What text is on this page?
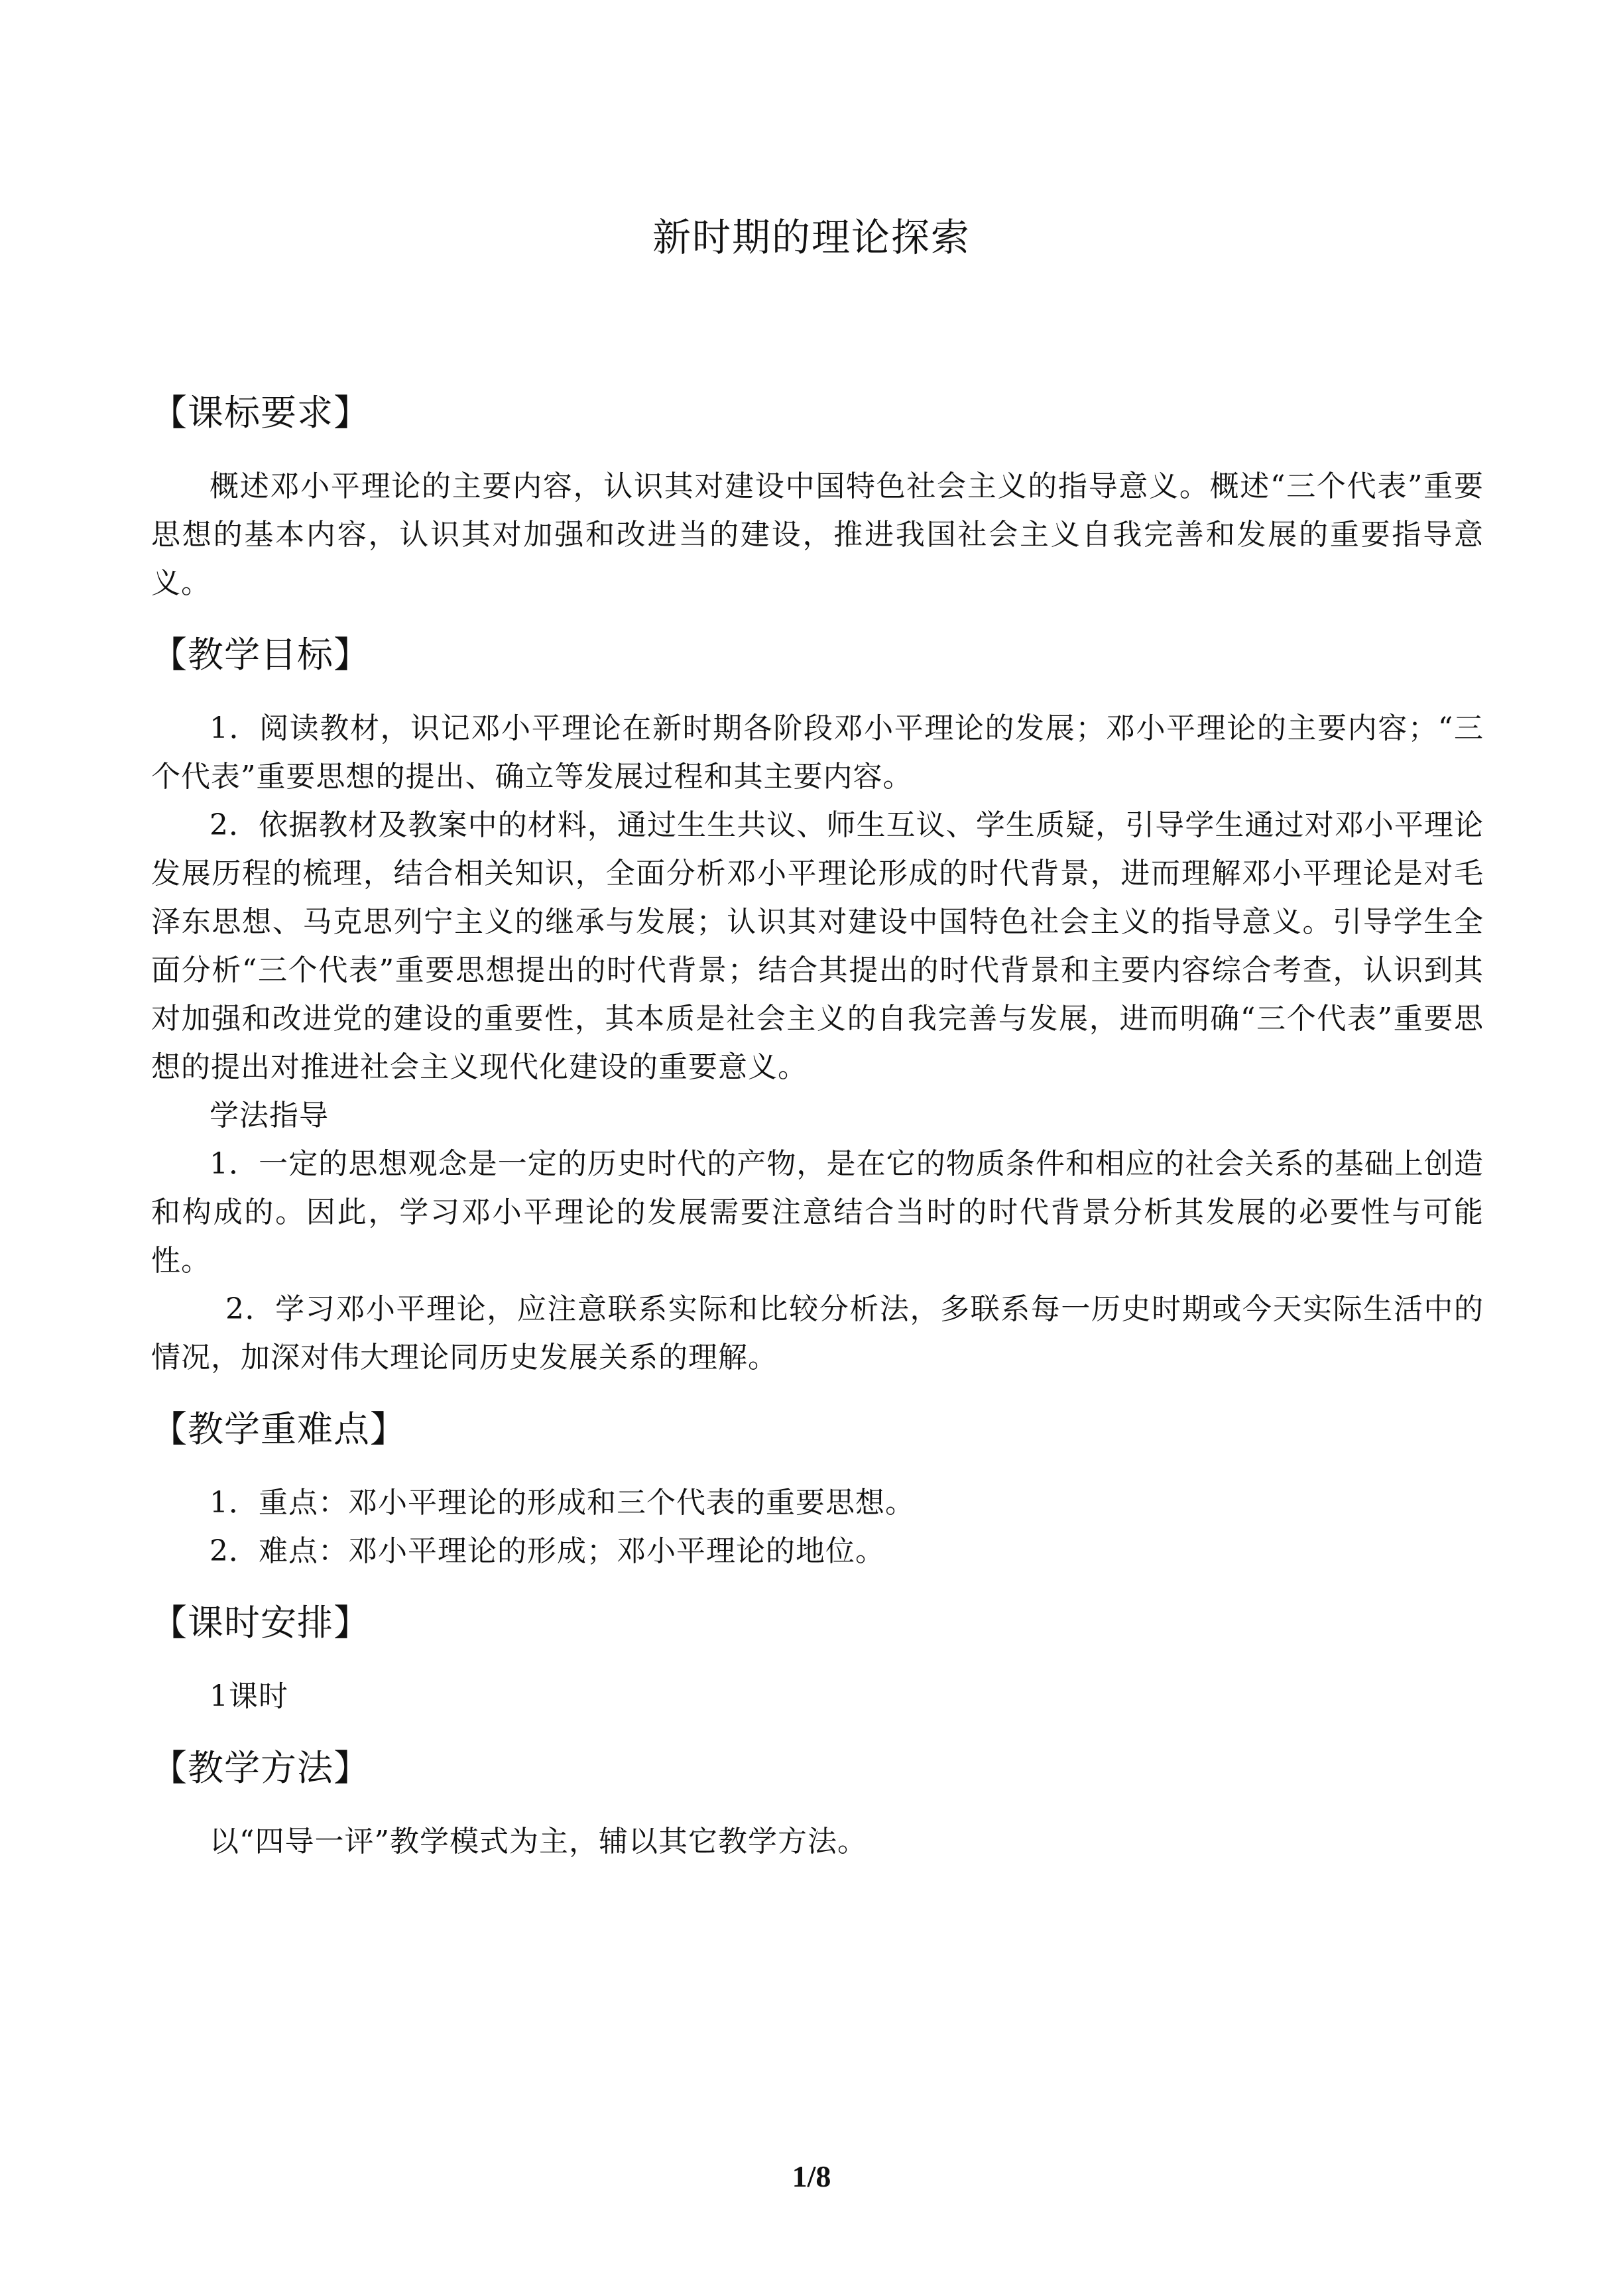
新时期的理论探索
【课标要求】

概述邓小平理论的主要内容，认识其对建设中国特色社会主义的指导意义。概述“三个代表”重要思想的基本内容，认识其对加强和改进当的建设，推进我国社会主义自我完善和发展的重要指导意义。

【教学目标】

1．阅读教材，识记邓小平理论在新时期各阶段邓小平理论的发展；邓小平理论的主要内容；“三个代表”重要思想的提出、确立等发展过程和其主要内容。

2．依据教材及教案中的材料，通过生生共议、师生互议、学生质疑，引导学生通过对邓小平理论发展历程的梳理，结合相关知识，全面分析邓小平理论形成的时代背景，进而理解邓小平理论是对毛泽东思想、马克思列宁主义的继承与发展；认识其对建设中国特色社会主义的指导意义。引导学生全面分析“三个代表”重要思想提出的时代背景；结合其提出的时代背景和主要内容综合考查，认识到其对加强和改进党的建设的重要性，其本质是社会主义的自我完善与发展，进而明确“三个代表”重要思想的提出对推进社会主义现代化建设的重要意义。

学法指导

1．一定的思想观念是一定的历史时代的产物，是在它的物质条件和相应的社会关系的基础上创造和构成的。因此，学习邓小平理论的发展需要注意结合当时的时代背景分析其发展的必要性与可能性。

2．学习邓小平理论，应注意联系实际和比较分析法，多联系每一历史时期或今天实际生活中的情况，加深对伟大理论同历史发展关系的理解。

【教学重难点】

1．重点：邓小平理论的形成和三个代表的重要思想。

2．难点：邓小平理论的形成；邓小平理论的地位。

【课时安排】

1课时

【教学方法】

以“四导一评”教学模式为主，辅以其它教学方法。

1/8
